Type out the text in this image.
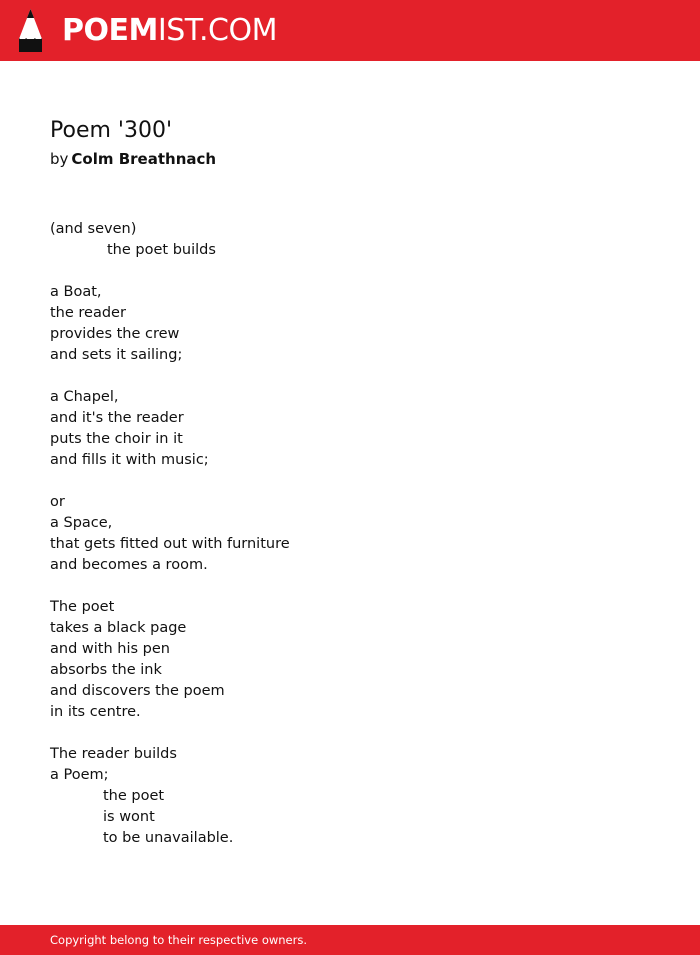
POEMIST.COM
Poem '300'
by Colm Breathnach
(and seven)
the poet builds
a Boat,
the reader
provides the crew
and sets it sailing;
a Chapel,
and it's the reader
puts the choir in it
and fills it with music;
or
a Space,
that gets fitted out with furniture
and becomes a room.
The poet
takes a black page
and with his pen
absorbs the ink
and discovers the poem
in its centre.
The reader builds
a Poem;
the poet
is wont
to be unavailable.
Copyright belong to their respective owners.
